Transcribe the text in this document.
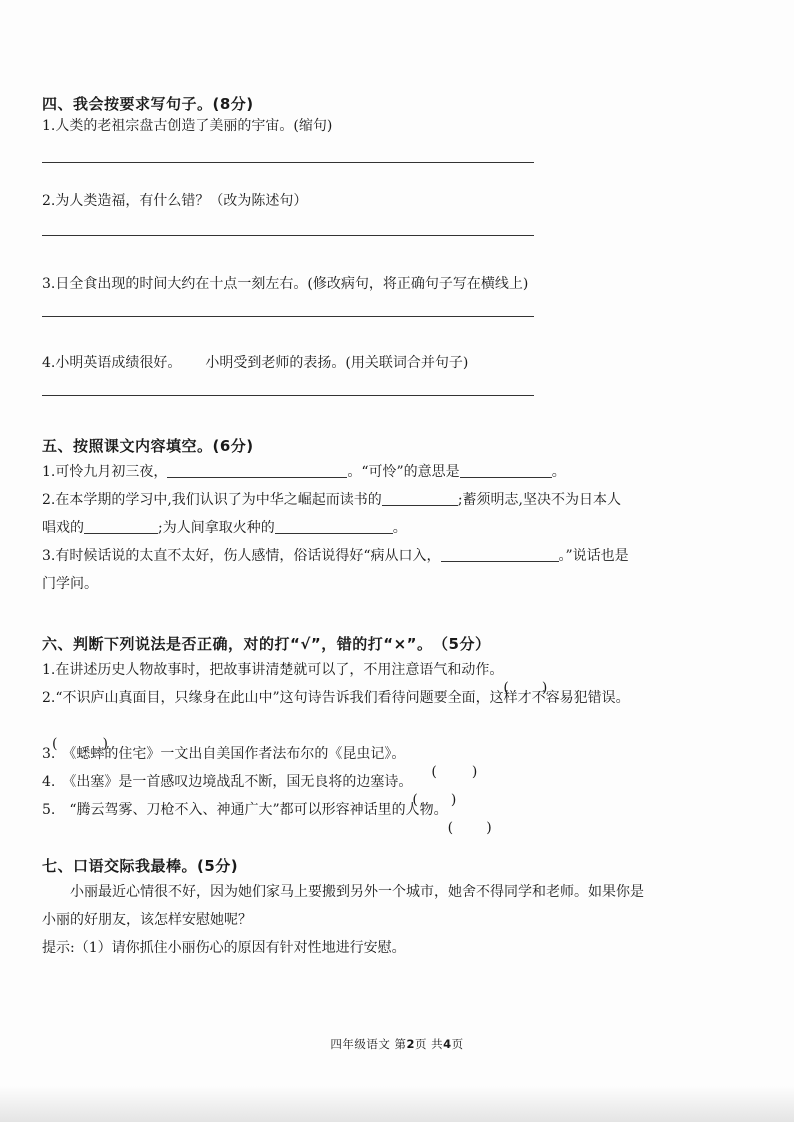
四、我会按要求写句子。(8分)

1.人类的老祖宗盘古创造了美丽的宇宙。(缩句)

2.为人类造福，有什么错？（改为陈述句）

3.日全食出现的时间大约在十点一刻左右。(修改病句，将正确句子写在横线上)

4.小明英语成绩很好。 小明受到老师的表扬。(用关联词合并句子)

五、按照课文内容填空。(6分)

1.可怜九月初三夜，	。“可怜”的意思是	。

2.在本学期的学习中,我们认识了为中华之崛起而读书的	;蓄须明志,坚决不为日本人
唱戏的	;为人间拿取火种的	。

3.有时候话说的太直不太好，伤人感情，俗话说得好“病从口入，	。”说话也是
门学问。

六、判断下列说法是否正确，对的打“√”，错的打“×”。　（5分）

1.在讲述历史人物故事时，把故事讲清楚就可以了，不用注意语气和动作。

2.“不识庐山真面目，只缘身在此山中”这句诗告诉我们看待问题要全面，这样才不容易犯错误。

3.　《蟋蟀的住宅》一文出自美国作者法布尔的《昆虫记》。

4.　《出塞》是一首感叹边境战乱不断，国无良将的边塞诗。

5.　“腾云驾雾、刀枪不入、神通广大”都可以形容神话里的人物。

七、口语交际我最棒。(5分)

小丽最近心情很不好，因为她们家马上要搬到另外一个城市，她舍不得同学和老师。如果你是

小丽的好朋友，该怎样安慰她呢？

提示:（1）请你抓住小丽伤心的原因有针对性地进行安慰。

四年级语文 第2页 共4页
